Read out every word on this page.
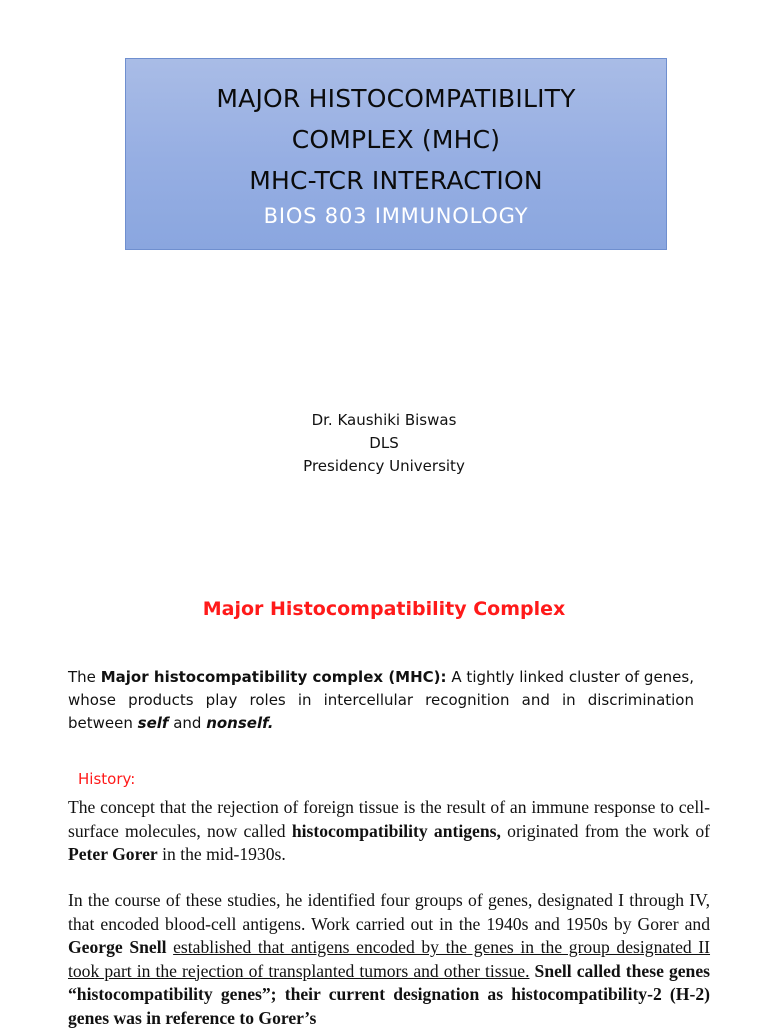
MAJOR HISTOCOMPATIBILITY
COMPLEX (MHC)
MHC-TCR INTERACTION
BIOS 803 IMMUNOLOGY
Dr. Kaushiki Biswas
DLS
Presidency University
Major Histocompatibility Complex
The Major histocompatibility complex (MHC): A tightly linked cluster of genes, whose products play roles in intercellular recognition and in discrimination between self and nonself.
History:
The concept that the rejection of foreign tissue is the result of an immune response to cell-surface molecules, now called histocompatibility antigens, originated from the work of Peter Gorer in the mid-1930s.
In the course of these studies, he identified four groups of genes, designated I through IV, that encoded blood-cell antigens. Work carried out in the 1940s and 1950s by Gorer and George Snell established that antigens encoded by the genes in the group designated II took part in the rejection of transplanted tumors and other tissue. Snell called these genes “histocompatibility genes”; their current designation as histocompatibility-2 (H-2) genes was in reference to Gorer’s
